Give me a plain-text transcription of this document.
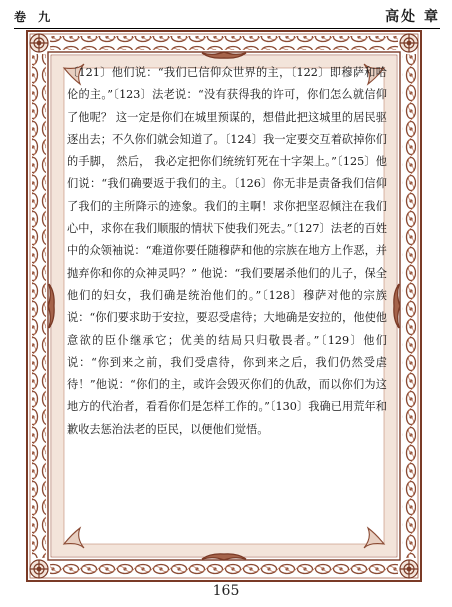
卷 九	高处 章

〔121〕他们说：“我们已信仰众世界的主，〔122〕即穆萨和哈伦的主。”〔123〕法老说：“没有获得我的许可，你们怎么就信仰了他呢？ 这一定是你们在城里预谋的，想借此把这城里的居民驱逐出去；不久你们就会知道了。〔124〕我一定要交互着砍掉你们的手脚， 然后， 我必定把你们统统钉死在十字架上。”〔125〕他们说：“我们确要返于我们的主。〔126〕你无非是责备我们信仰了我们的主所降示的迹象。我们的主啊！求你把坚忍倾注在我们心中，求你在我们顺服的情状下使我们死去。”〔127〕法老的百姓中的众领袖说：“难道你要任随穆萨和他的宗族在地方上作恶，并抛弃你和你的众神灵吗？” 他说：“我们要屠杀他们的儿子，保全他们的妇女，我们确是统治他们的。”〔128〕穆萨对他的宗族说：“你们要求助于安拉，要忍受虐待；大地确是安拉的，他使他意欲的臣仆继承它；优美的结局只归敬畏者。”〔129〕他们说：“你到来之前，我们受虐待，你到来之后，我们仍然受虐待！”他说：“你们的主，或许会毁灭你们的仇敌，而以你们为这地方的代治者，看看你们是怎样工作的。”〔130〕我确已用荒年和歉收去惩治法老的臣民，以便他们觉悟。

165
